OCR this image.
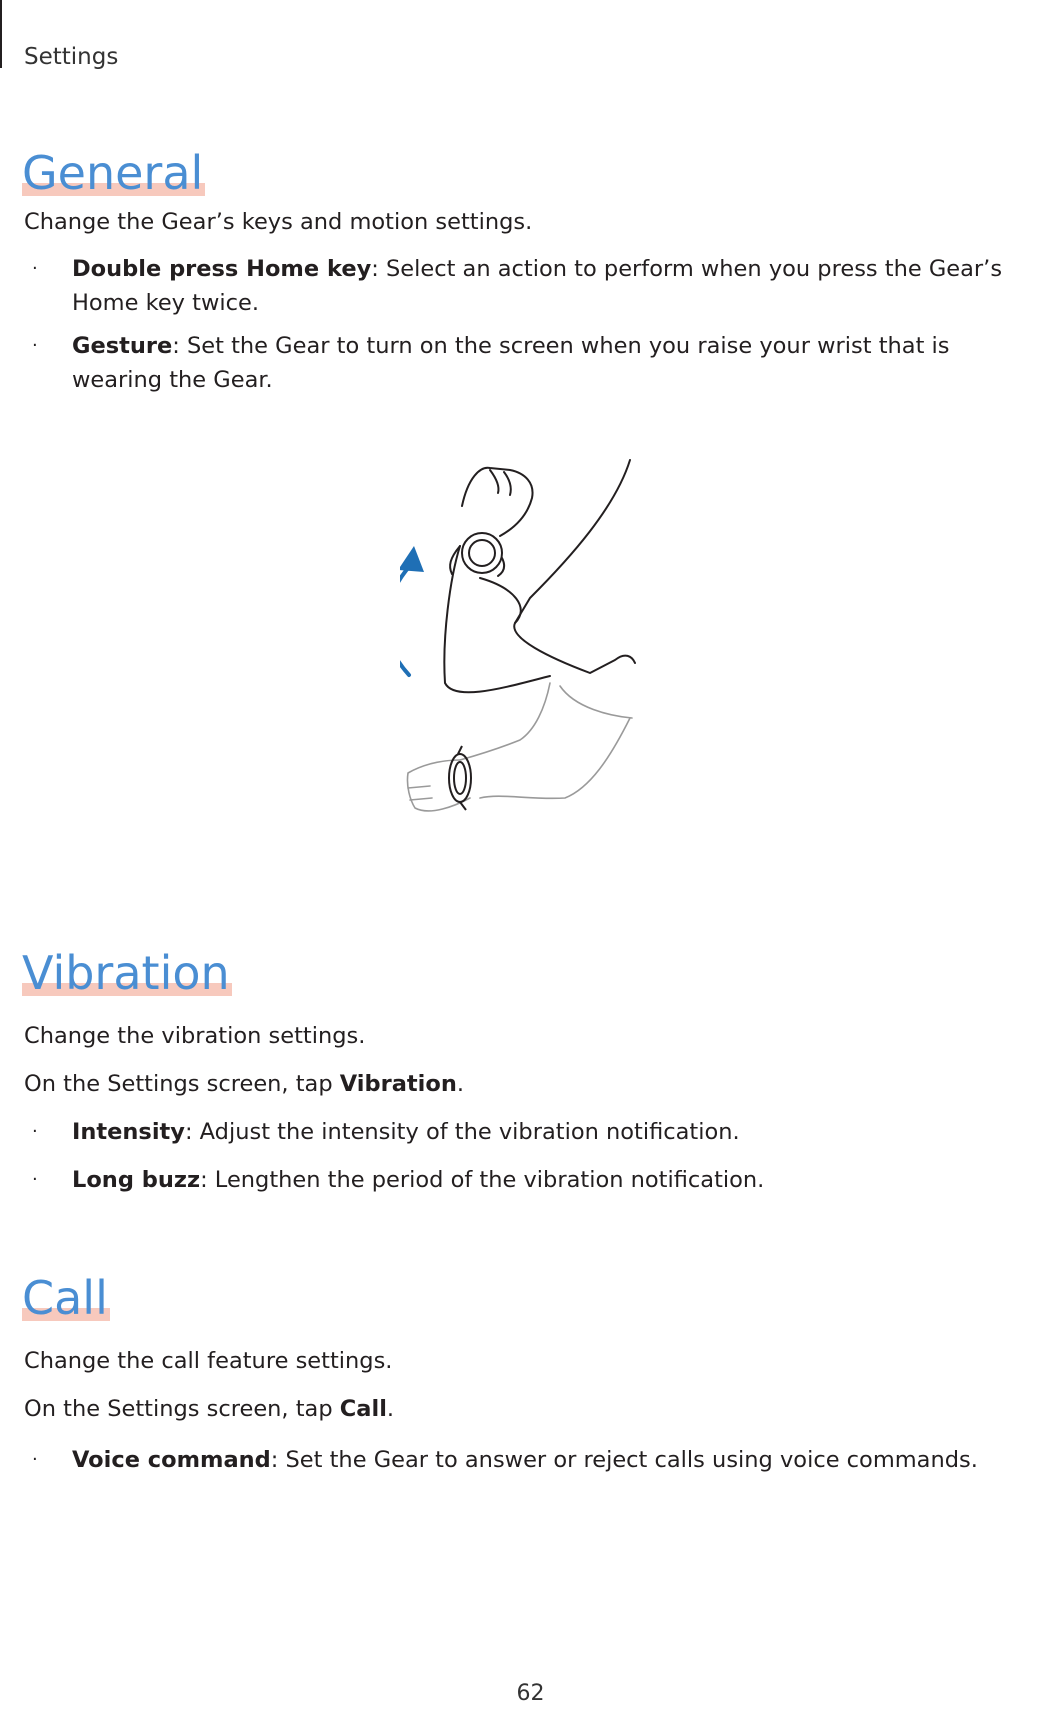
Settings
General

Change the Gear’s keys and motion settings.

· Double press Home key: Select an action to perform when you press the Gear’s Home key twice.
· Gesture: Set the Gear to turn on the screen when you raise your wrist that is wearing the Gear.
Vibration

Change the vibration settings.

On the Settings screen, tap Vibration.

· Intensity: Adjust the intensity of the vibration notification.
· Long buzz: Lengthen the period of the vibration notification.
Call

Change the call feature settings.

On the Settings screen, tap Call.

· Voice command: Set the Gear to answer or reject calls using voice commands.
62
